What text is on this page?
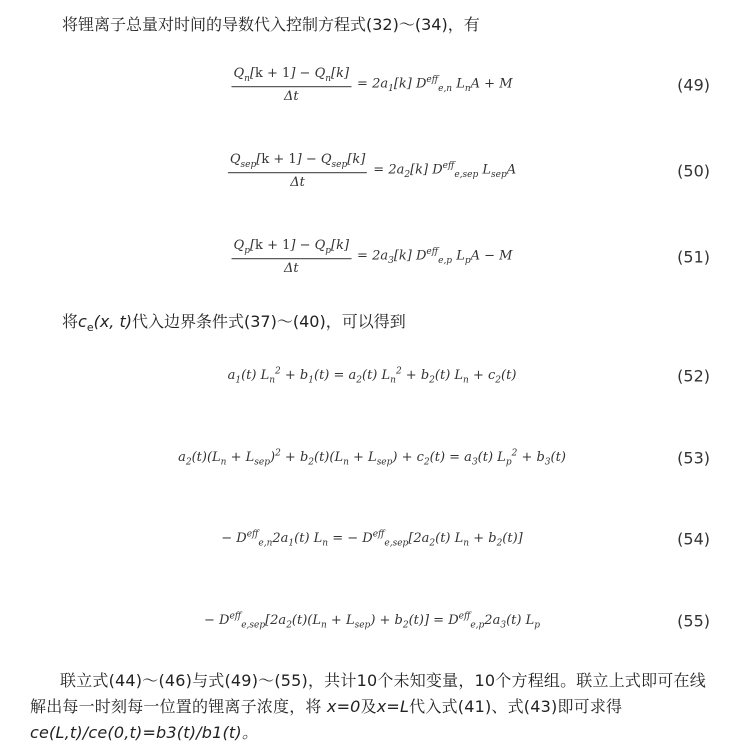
将锂离子总量对时间的导数代入控制方程式(32)～(34)，有
$\frac{Q_n[k + 1] - Q_n[k]}{\Delta t} = 2a_1[k]$ $D^{eff}_{e,n}$ $L_nA + M$	(49)
$\frac{Q_{sep}[k + 1] - Q_{sep}[k]}{\Delta t} = 2a_2[k]$ $D^{eff}_{e,sep}$ $L_{sep}A$	(50)
$\frac{Q_p[k + 1] - Q_p[k]}{\Delta t} = 2a_3[k]$ $D^{eff}_{e,p}$ $L_pA - M$	(51)
将$c_e(x$, t)代入边界条件式(37)～(40)，可以得到
$a_1(t) L_n^2 + b_1(t) = a_2(t) L_n^2 + b_2(t) L_n + c_2(t)$	(52)
$a_2(t)(L_n + L_{sep})^2 + b_2(t)(L_n + L_{sep}) + c_2(t) = a_3(t) L_p^2 + b_3(t)$	(53)
− $D^{eff}_{e,n}2a_1(t) L_n$ = − $D^{eff}_{e,sep}[2a_2(t) L_n + b_2(t)]$	(54)
− $D^{eff}_{e,sep}[2a_2(t)(L_n + L_{sep}) + b_2(t)] = D^{eff}_{e,p}2a_3(t)$ $L_p$	(55)
联立式(44)～(46)与式(49)～(55)，共计10个未知变量，10个方程组。联立上式即可在线解出每一时刻每一位置的锂离子浓度，将 x=0及x=L代入式(41)、式(43)即可求得ce(L,t)/ce(0,t)=b3(t)/b1(t)。
